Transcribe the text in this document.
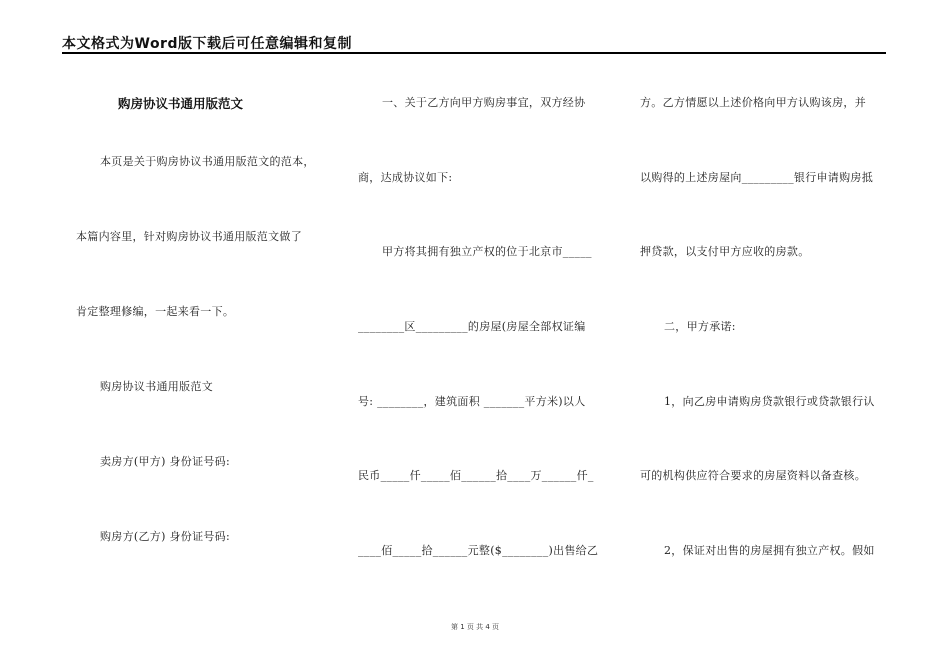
本文格式为Word版下载后可任意编辑和复制
购房协议书通用版范文
本页是关于购房协议书通用版范文的范本，
本篇内容里，针对购房协议书通用版范文做了
肯定整理修编，一起来看一下。
购房协议书通用版范文
卖房方(甲方) 身份证号码:
购房方(乙方) 身份证号码:
一、关于乙方向甲方购房事宜，双方经协
商，达成协议如下:
甲方将其拥有独立产权的位于北京市_____
________区_________的房屋(房屋全部权证编
号: ________，建筑面积 _______平方米)以人
民币_____仟_____佰______拾____万______仟_
____佰_____拾______元整($________)出售给乙
方。乙方情愿以上述价格向甲方认购该房，并
以购得的上述房屋向_________银行申请购房抵
押贷款，以支付甲方应收的房款。
二，甲方承诺:
1，向乙房申请购房贷款银行或贷款银行认
可的机构供应符合要求的房屋资料以备查核。
2，保证对出售的房屋拥有独立产权。假如
第 1 页 共 4 页
